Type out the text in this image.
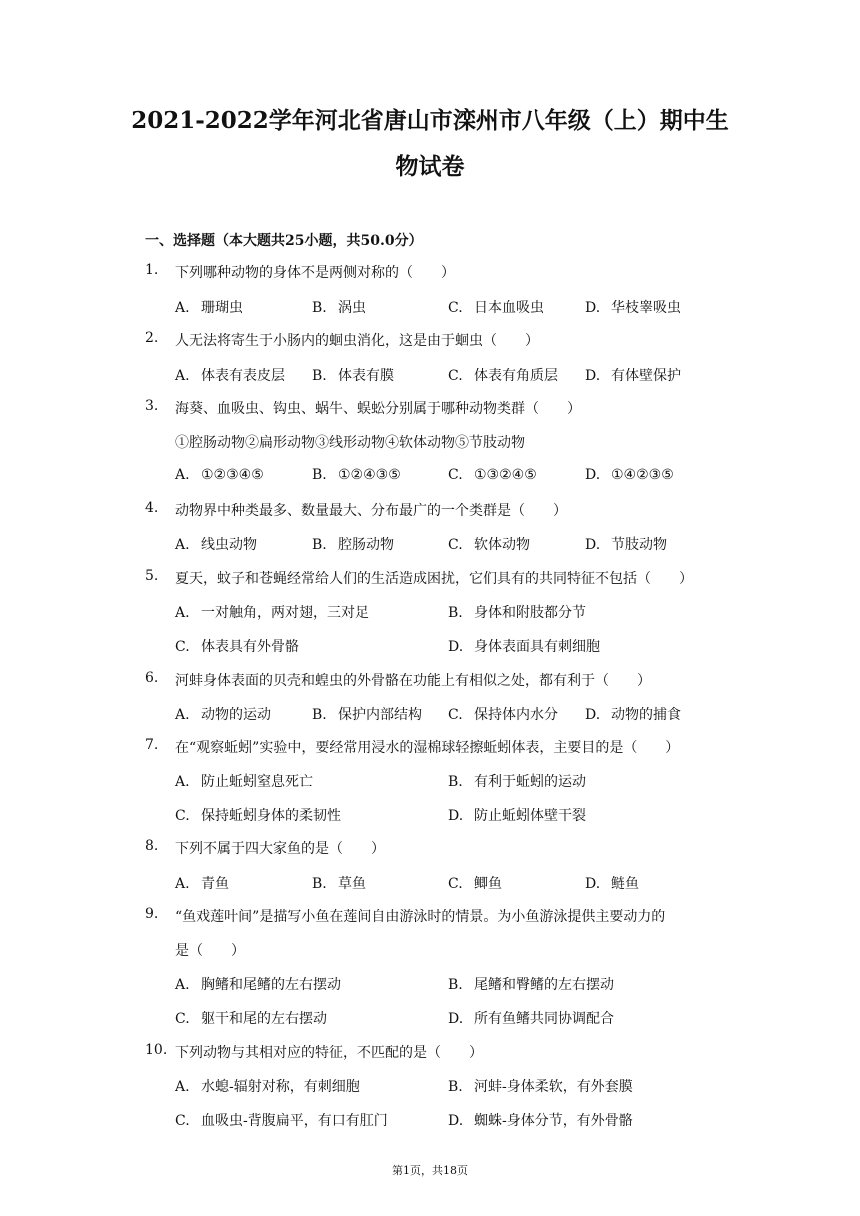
2021-2022学年河北省唐山市滦州市八年级（上）期中生
物试卷
一、选择题（本大题共25小题，共50.0分）
1.	下列哪种动物的身体不是两侧对称的（　　）
A. 珊瑚虫	B. 涡虫	C. 日本血吸虫	D. 华枝睾吸虫
2.	人无法将寄生于小肠内的蛔虫消化，这是由于蛔虫（　　）
A. 体表有表皮层 B. 体表有膜	C. 体表有角质层 D. 有体壁保护
3.	海葵、血吸虫、钩虫、蜗牛、蜈蚣分别属于哪种动物类群（　　）
①腔肠动物②扁形动物③线形动物④软体动物⑤节肢动物
A. ①②③④⑤	B. ①②④③⑤	C. ①③②④⑤	D. ①④②③⑤
4.	动物界中种类最多、数量最大、分布最广的一个类群是（　　）
A. 线虫动物	B. 腔肠动物	C. 软体动物	D. 节肢动物
5.	夏天，蚊子和苍蝇经常给人们的生活造成困扰，它们具有的共同特征不包括（　　）
A. 一对触角，两对翅，三对足	B. 身体和附肢都分节
C. 体表具有外骨骼	D. 身体表面具有刺细胞
6.	河蚌身体表面的贝壳和蝗虫的外骨骼在功能上有相似之处，都有利于（　　）
A. 动物的运动	B. 保护内部结构 C. 保持体内水分 D. 动物的捕食
7.	在“观察蚯蚓”实验中，要经常用浸水的湿棉球轻擦蚯蚓体表，主要目的是（　　）
A. 防止蚯蚓窒息死亡	B. 有利于蚯蚓的运动
C. 保持蚯蚓身体的柔韧性	D. 防止蚯蚓体壁干裂
8.	下列不属于四大家鱼的是（　　）
A. 青鱼	B. 草鱼	C. 鲫鱼	D. 鲢鱼
9.	“鱼戏莲叶间”是描写小鱼在莲间自由游泳时的情景。为小鱼游泳提供主要动力的
是（　　）
A. 胸鳍和尾鳍的左右摆动	B. 尾鳍和臀鳍的左右摆动
C. 躯干和尾的左右摆动	D. 所有鱼鳍共同协调配合
10. 下列动物与其相对应的特征，不匹配的是（　　）
A. 水螅-辐射对称，有刺细胞	B. 河蚌-身体柔软，有外套膜
C. 血吸虫-背腹扁平，有口有肛门	D. 蜘蛛-身体分节，有外骨骼
第1页，共18页
